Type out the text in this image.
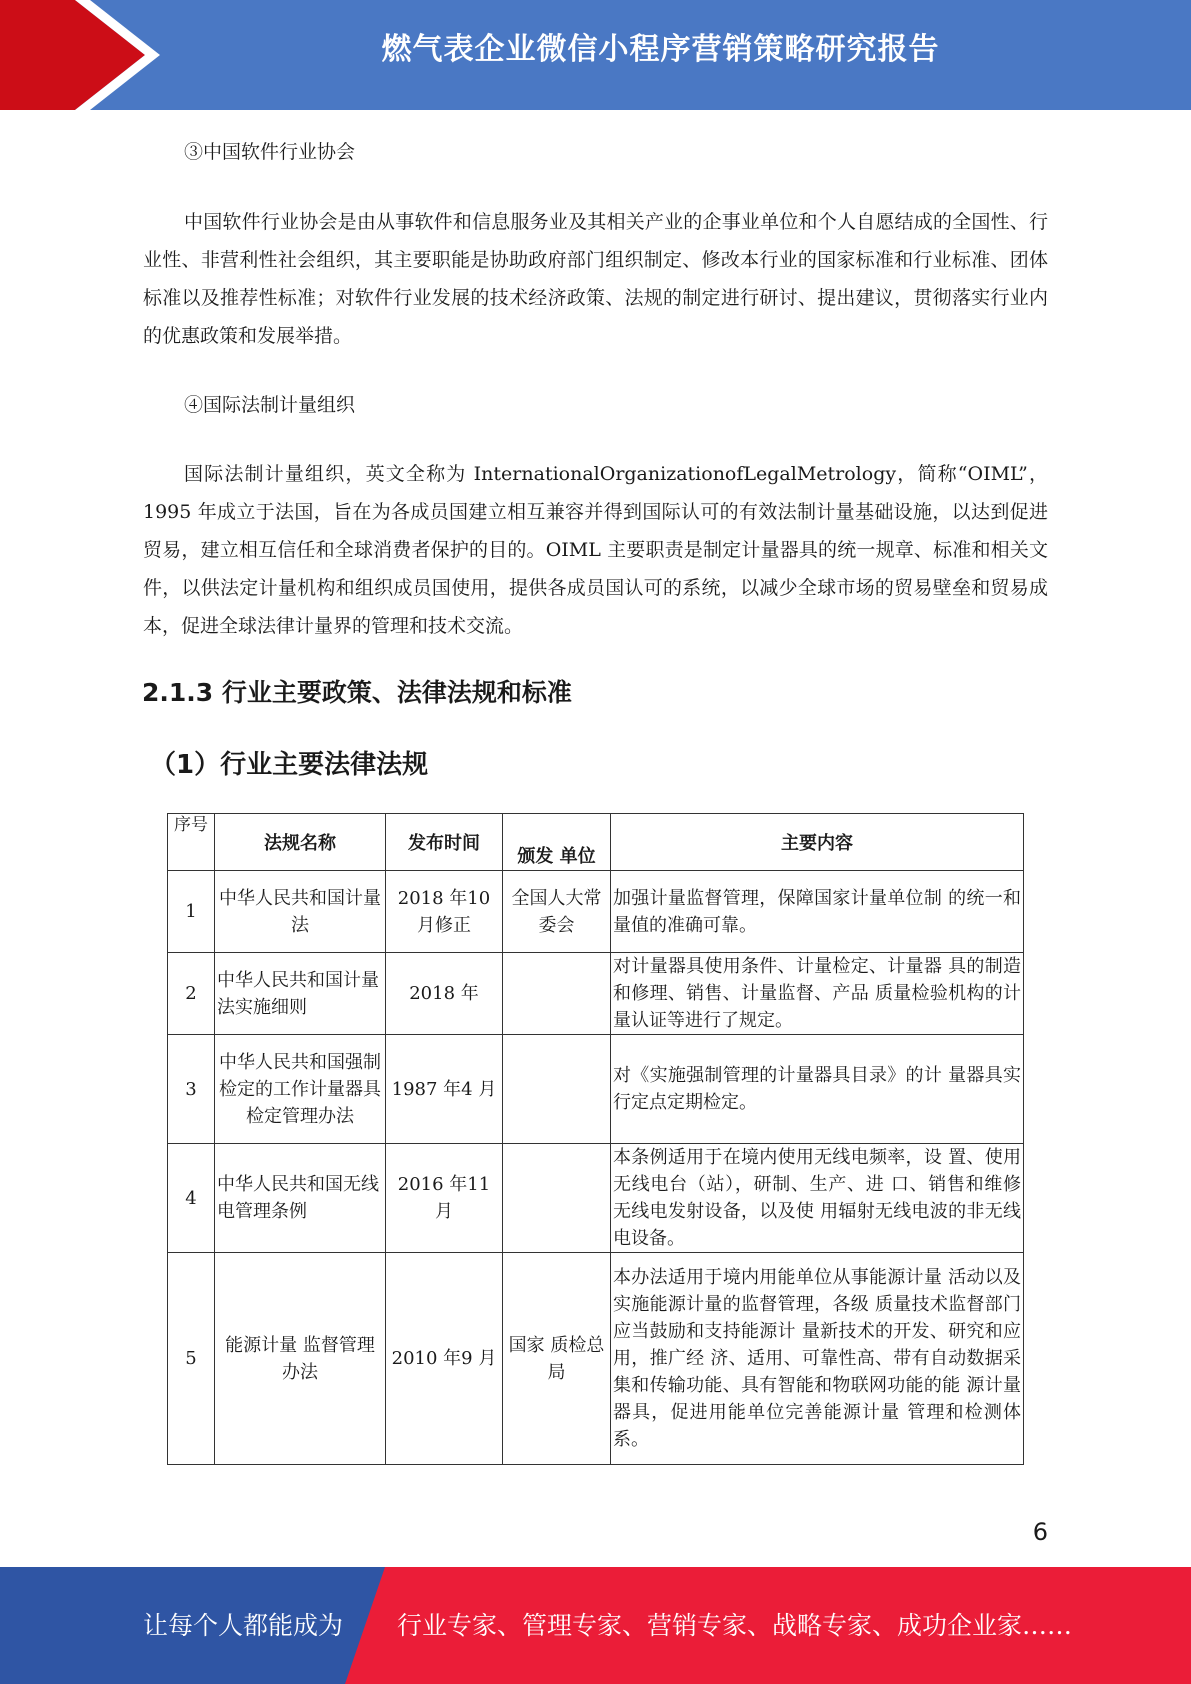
燃气表企业微信小程序营销策略研究报告
③中国软件行业协会

中国软件行业协会是由从事软件和信息服务业及其相关产业的企事业单位和个人自愿结成的全国性、行业性、非营利性社会组织，其主要职能是协助政府部门组织制定、修改本行业的国家标准和行业标准、团体标准以及推荐性标准；对软件行业发展的技术经济政策、法规的制定进行研讨、提出建议，贯彻落实行业内的优惠政策和发展举措。

④国际法制计量组织

国际法制计量组织，英文全称为 InternationalOrganizationofLegalMetrology，简称“OIML”，1995 年成立于法国，旨在为各成员国建立相互兼容并得到国际认可的有效法制计量基础设施，以达到促进贸易，建立相互信任和全球消费者保护的目的。OIML 主要职责是制定计量器具的统一规章、标准和相关文件，以供法定计量机构和组织成员国使用，提供各成员国认可的系统，以减少全球市场的贸易壁垒和贸易成本，促进全球法律计量界的管理和技术交流。

2.1.3 行业主要政策、法律法规和标准
（1）行业主要法律法规
序号	法规名称	发布时间	颁发 单位	主要内容
1	中华人民共和国计量法	2018 年10 月修正	全国人大常委会	加强计量监督管理，保障国家计量单位制 的统一和量值的准确可靠。
2	中华人民共和国计量法实施细则	2018 年		对计量器具使用条件、计量检定、计量器 具的制造和修理、销售、计量监督、产品 质量检验机构的计量认证等进行了规定。
3	中华人民共和国强制检定的工作计量器具检定管理办法	1987 年4 月		对《实施强制管理的计量器具目录》的计 量器具实行定点定期检定。
4	中华人民共和国无线电管理条例	2016 年11 月		本条例适用于在境内使用无线电频率，设 置、使用无线电台（站），研制、生产、进 口、销售和维修无线电发射设备，以及使 用辐射无线电波的非无线电设备。
5	能源计量 监督管理办法	2010 年9 月	国家 质检总局	本办法适用于境内用能单位从事能源计量 活动以及实施能源计量的监督管理，各级 质量技术监督部门应当鼓励和支持能源计 量新技术的开发、研究和应用，推广经 济、适用、可靠性高、带有自动数据采集和传输功能、具有智能和物联网功能的能 源计量器具，促进用能单位完善能源计量 管理和检测体系。
6
让每个人都能成为 行业专家、管理专家、营销专家、战略专家、成功企业家……
